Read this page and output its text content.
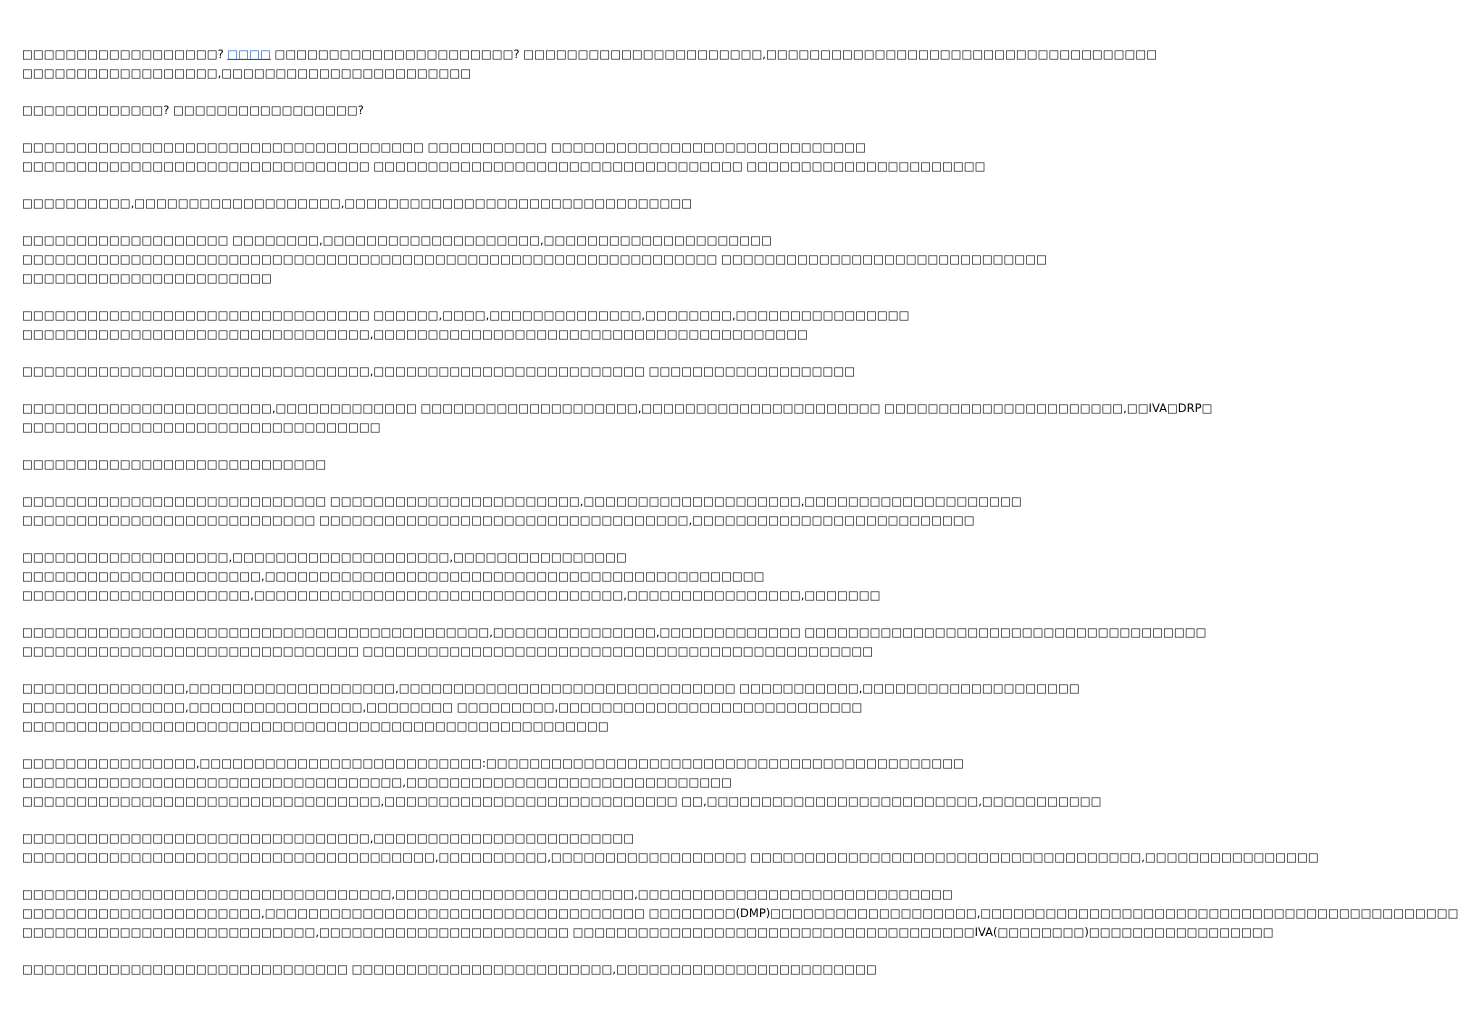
□□□□□□□□□□□□□□□□□□? □□□□ □□□□□□□□□□□□□□□□□□□□□□? □□□□□□□□□□□□□□□□□□□□□□,□□□□□□□□□□□□□□□□□□□□□□□□□□□□□□□□□□□□
□□□□□□□□□□□□□□□□□□,□□□□□□□□□□□□□□□□□□□□□□□

□□□□□□□□□□□□□? □□□□□□□□□□□□□□□□□?

□□□□□□□□□□□□□□□□□□□□□□□□□□□□□□□□□□□□□ □□□□□□□□□□□ □□□□□□□□□□□□□□□□□□□□□□□□□□□□□
□□□□□□□□□□□□□□□□□□□□□□□□□□□□□□□□ □□□□□□□□□□□□□□□□□□□□□□□□□□□□□□□□□□ □□□□□□□□□□□□□□□□□□□□□□

□□□□□□□□□□,□□□□□□□□□□□□□□□□□□□,□□□□□□□□□□□□□□□□□□□□□□□□□□□□□□□□

□□□□□□□□□□□□□□□□□□□ □□□□□□□□,□□□□□□□□□□□□□□□□□□□□,□□□□□□□□□□□□□□□□□□□□□
□□□□□□□□□□□□□□□□□□□□□□□□□□□□□□□□□□□□□□□□□□□□□□□□□□□□□□□□□□□□□□□□ □□□□□□□□□□□□□□□□□□□□□□□□□□□□□□
□□□□□□□□□□□□□□□□□□□□□□□

□□□□□□□□□□□□□□□□□□□□□□□□□□□□□□□□ □□□□□□,□□□□,□□□□□□□□□□□□□□,□□□□□□□□,□□□□□□□□□□□□□□□□
□□□□□□□□□□□□□□□□□□□□□□□□□□□□□□□□,□□□□□□□□□□□□□□□□□□□□□□□□□□□□□□□□□□□□□□□□

□□□□□□□□□□□□□□□□□□□□□□□□□□□□□□□□,□□□□□□□□□□□□□□□□□□□□□□□□□ □□□□□□□□□□□□□□□□□□□

□□□□□□□□□□□□□□□□□□□□□□□,□□□□□□□□□□□□□ □□□□□□□□□□□□□□□□□□□□,□□□□□□□□□□□□□□□□□□□□□□ □□□□□□□□□□□□□□□□□□□□□□,□□IVA□DRP□
□□□□□□□□□□□□□□□□□□□□□□□□□□□□□□□□□

□□□□□□□□□□□□□□□□□□□□□□□□□□□□

□□□□□□□□□□□□□□□□□□□□□□□□□□□□ □□□□□□□□□□□□□□□□□□□□□□□,□□□□□□□□□□□□□□□□□□□□,□□□□□□□□□□□□□□□□□□□□
□□□□□□□□□□□□□□□□□□□□□□□□□□□ □□□□□□□□□□□□□□□□□□□□□□□□□□□□□□□□□□,□□□□□□□□□□□□□□□□□□□□□□□□□□

□□□□□□□□□□□□□□□□□□□,□□□□□□□□□□□□□□□□□□□□,□□□□□□□□□□□□□□□□
□□□□□□□□□□□□□□□□□□□□□□,□□□□□□□□□□□□□□□□□□□□□□□□□□□□□□□□□□□□□□□□□□□□□□
□□□□□□□□□□□□□□□□□□□□□,□□□□□□□□□□□□□□□□□□□□□□□□□□□□□□□□□□,□□□□□□□□□□□□□□□□,□□□□□□□

□□□□□□□□□□□□□□□□□□□□□□□□□□□□□□□□□□□□□□□□□□□,□□□□□□□□□□□□□□□,□□□□□□□□□□□□□ □□□□□□□□□□□□□□□□□□□□□□□□□□□□□□□□□□□□□
□□□□□□□□□□□□□□□□□□□□□□□□□□□□□□□ □□□□□□□□□□□□□□□□□□□□□□□□□□□□□□□□□□□□□□□□□□□□□□□

□□□□□□□□□□□□□□□,□□□□□□□□□□□□□□□□□□□,□□□□□□□□□□□□□□□□□□□□□□□□□□□□□□□ □□□□□□□□□□□,□□□□□□□□□□□□□□□□□□□□
□□□□□□□□□□□□□□□,□□□□□□□□□□□□□□□□,□□□□□□□□ □□□□□□□□□,□□□□□□□□□□□□□□□□□□□□□□□□□□□□
□□□□□□□□□□□□□□□□□□□□□□□□□□□□□□□□□□□□□□□□□□□□□□□□□□□□□□

□□□□□□□□□□□□□□□□,□□□□□□□□□□□□□□□□□□□□□□□□□□:□□□□□□□□□□□□□□□□□□□□□□□□□□□□□□□□□□□□□□□□□□□□
□□□□□□□□□□□□□□□□□□□□□□□□□□□□□□□□□□□,□□□□□□□□□□□□□□□□□□□□□□□□□□□□□□
□□□□□□□□□□□□□□□□□□□□□□□□□□□□□□□□□,□□□□□□□□□□□□□□□□□□□□□□□□□□□ □□,□□□□□□□□□□□□□□□□□□□□□□□□□,□□□□□□□□□□□

□□□□□□□□□□□□□□□□□□□□□□□□□□□□□□□□,□□□□□□□□□□□□□□□□□□□□□□□□
□□□□□□□□□□□□□□□□□□□□□□□□□□□□□□□□□□□□□□,□□□□□□□□□□,□□□□□□□□□□□□□□□□□□ □□□□□□□□□□□□□□□□□□□□□□□□□□□□□□□□□□□□,□□□□□□□□□□□□□□□□

□□□□□□□□□□□□□□□□□□□□□□□□□□□□□□□□□□,□□□□□□□□□□□□□□□□□□□□□□,□□□□□□□□□□□□□□□□□□□□□□□□□□□□□
□□□□□□□□□□□□□□□□□□□□□□,□□□□□□□□□□□□□□□□□□□□□□□□□□□□□□□□□□□ □□□□□□□□(DMP)□□□□□□□□□□□□□□□□□□□,□□□□□□□□□□□□□□□□□□□□□□□□□□□□□□□□□□□□□□□□□□□□
□□□□□□□□□□□□□□□□□□□□□□□□□□□,□□□□□□□□□□□□□□□□□□□□□□□ □□□□□□□□□□□□□□□□□□□□□□□□□□□□□□□□□□□□□IVA(□□□□□□□□)□□□□□□□□□□□□□□□□□

□□□□□□□□□□□□□□□□□□□□□□□□□□□□□□ □□□□□□□□□□□□□□□□□□□□□□□□,□□□□□□□□□□□□□□□□□□□□□□□□
